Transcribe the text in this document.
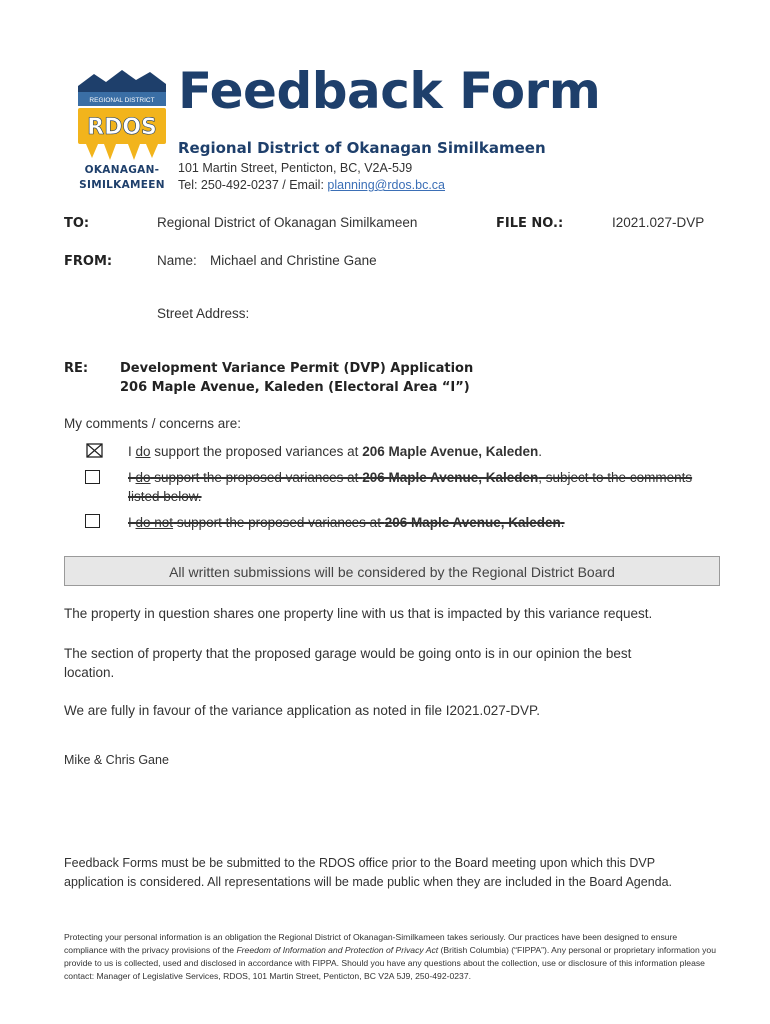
REGIONAL DISTRICT
RDOS
OKANAGAN-
SIMILKAMEEN
Feedback Form
Regional District of Okanagan Similkameen
101 Martin Street, Penticton, BC, V2A-5J9
Tel: 250-492-0237 / Email: planning@rdos.bc.ca
TO:	Regional District of Okanagan Similkameen	FILE NO.:	I2021.027-DVP
FROM:	Name: Michael and Christine Gane
Street Address:
RE: Development Variance Permit (DVP) Application
206 Maple Avenue, Kaleden (Electoral Area “I”)
My comments / concerns are:
I do support the proposed variances at 206 Maple Avenue, Kaleden.
I do support the proposed variances at 206 Maple Avenue, Kaleden, subject to the comments
listed below.
I do not support the proposed variances at 206 Maple Avenue, Kaleden.
All written submissions will be considered by the Regional District Board
The property in question shares one property line with us that is impacted by this variance request.
The section of property that the proposed garage would be going onto is in our opinion the best location.
We are fully in favour of the variance application as noted in file I2021.027-DVP.
Mike & Chris Gane
Feedback Forms must be be submitted to the RDOS office prior to the Board meeting upon which this DVP application is considered. All representations will be made public when they are included in the Board Agenda.
Protecting your personal information is an obligation the Regional District of Okanagan-Similkameen takes seriously. Our practices have been designed to ensure compliance with the privacy provisions of the Freedom of Information and Protection of Privacy Act (British Columbia) (“FIPPA”). Any personal or proprietary information you provide to us is collected, used and disclosed in accordance with FIPPA. Should you have any questions about the collection, use or disclosure of this information please contact: Manager of Legislative Services, RDOS, 101 Martin Street, Penticton, BC V2A 5J9, 250-492-0237.
